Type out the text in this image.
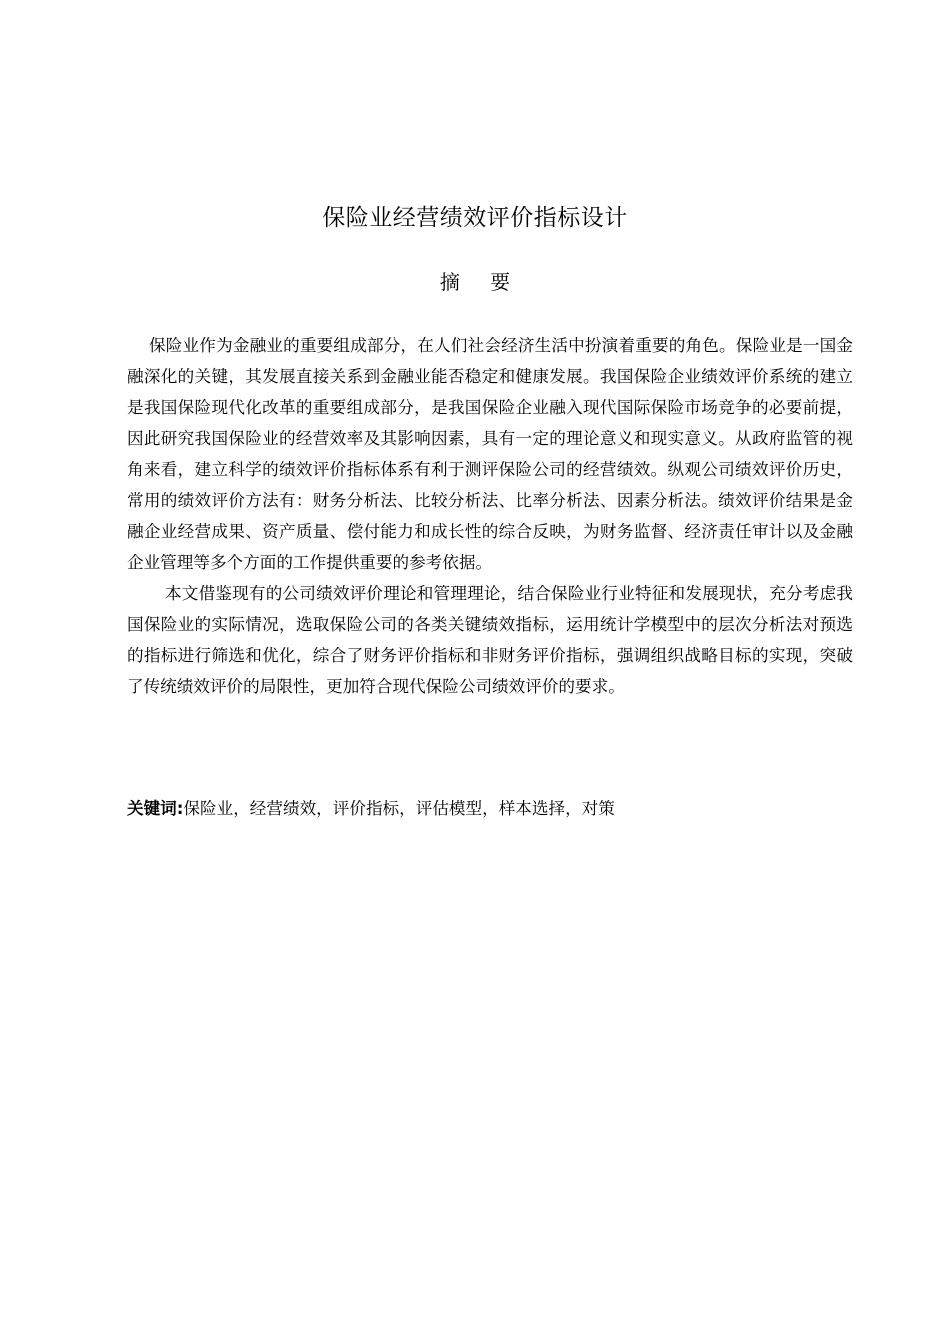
保险业经营绩效评价指标设计
摘 要

保险业作为金融业的重要组成部分，在人们社会经济生活中扮演着重要的角色。保险业是一国金融深化的关键，其发展直接关系到金融业能否稳定和健康发展。我国保险企业绩效评价系统的建立是我国保险现代化改革的重要组成部分，是我国保险企业融入现代国际保险市场竞争的必要前提，因此研究我国保险业的经营效率及其影响因素，具有一定的理论意义和现实意义。从政府监管的视角来看，建立科学的绩效评价指标体系有利于测评保险公司的经营绩效。纵观公司绩效评价历史，常用的绩效评价方法有：财务分析法、比较分析法、比率分析法、因素分析法。绩效评价结果是金融企业经营成果、资产质量、偿付能力和成长性的综合反映，为财务监督、经济责任审计以及金融企业管理等多个方面的工作提供重要的参考依据。

本文借鉴现有的公司绩效评价理论和管理理论，结合保险业行业特征和发展现状，充分考虑我国保险业的实际情况，选取保险公司的各类关键绩效指标，运用统计学模型中的层次分析法对预选的指标进行筛选和优化，综合了财务评价指标和非财务评价指标，强调组织战略目标的实现，突破了传统绩效评价的局限性，更加符合现代保险公司绩效评价的要求。

关键词:保险业，经营绩效，评价指标，评估模型，样本选择，对策
